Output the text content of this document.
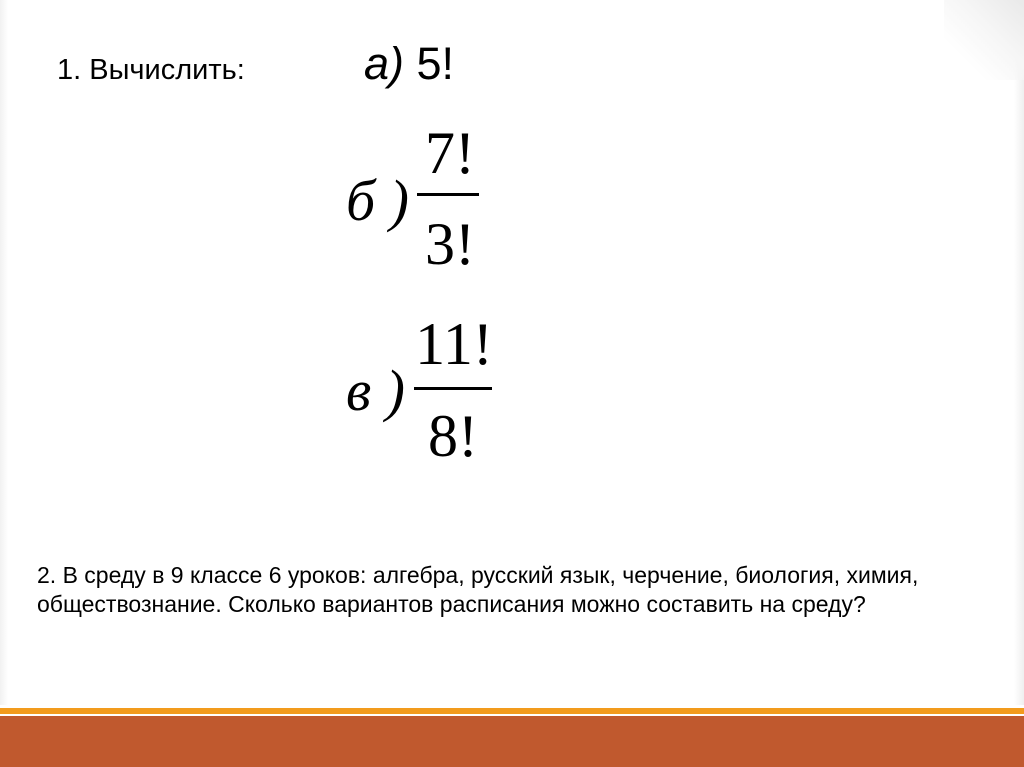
1. Вычислить:	а) 5!
б )
7!
3!
в )
11!
8!
2. В среду в 9 классе 6 уроков: алгебра, русский язык, черчение, биология, химия, обществознание. Сколько вариантов расписания можно составить на среду?
